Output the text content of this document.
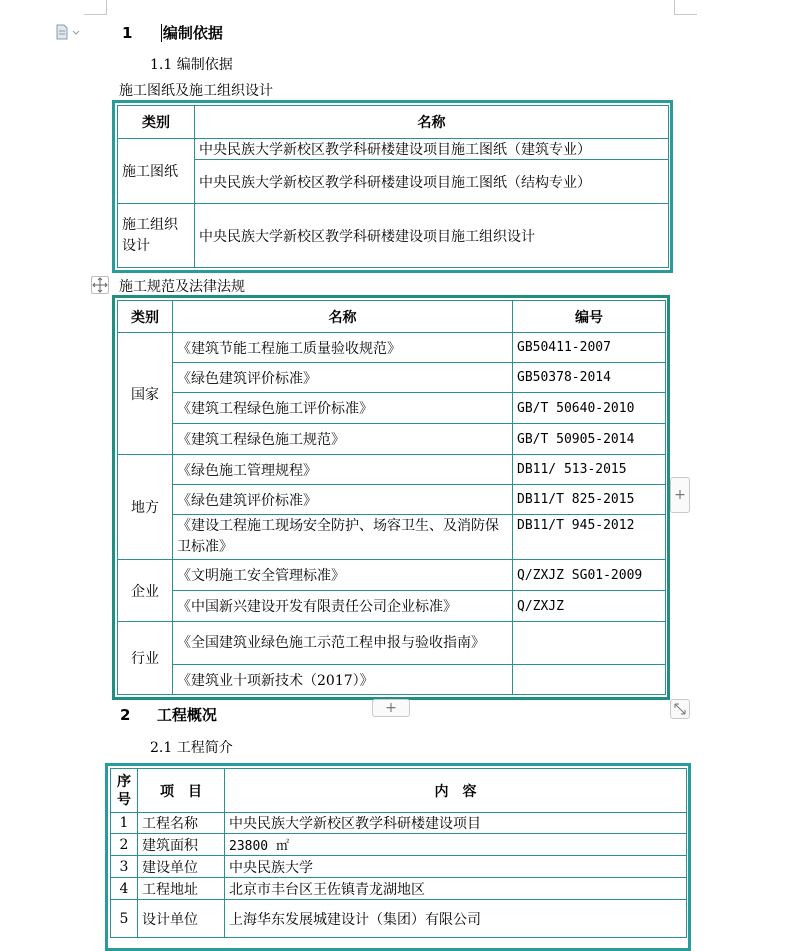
1 编制依据
1.1 编制依据
施工图纸及施工组织设计
类别	名称
施工图纸	中央民族大学新校区教学科研楼建设项目施工图纸（建筑专业）
	中央民族大学新校区教学科研楼建设项目施工图纸（结构专业）
施工组织设计	中央民族大学新校区教学科研楼建设项目施工组织设计
施工规范及法律法规
类别	名称	编号
国家	《建筑节能工程施工质量验收规范》	GB50411-2007
	《绿色建筑评价标准》	GB50378-2014
	《建筑工程绿色施工评价标准》	GB/T 50640-2010
	《建筑工程绿色施工规范》	GB/T 50905-2014
地方	《绿色施工管理规程》	DB11/ 513-2015
	《绿色建筑评价标准》	DB11/T 825-2015
	《建设工程施工现场安全防护、场容卫生、及消防保卫标准》	DB11/T 945-2012
企业	《文明施工安全管理标准》	Q/ZXJZ SG01-2009
	《中国新兴建设开发有限责任公司企业标准》	Q/ZXJZ
行业	《全国建筑业绿色施工示范工程申报与验收指南》	
	《建筑业十项新技术（2017）》	
+
+
2 工程概况
2.1 工程简介
序号	项　目	内　容
1	工程名称	中央民族大学新校区教学科研楼建设项目
2	建筑面积	23800 ㎡
3	建设单位	中央民族大学
4	工程地址	北京市丰台区王佐镇青龙湖地区
5	设计单位	上海华东发展城建设计（集团）有限公司
